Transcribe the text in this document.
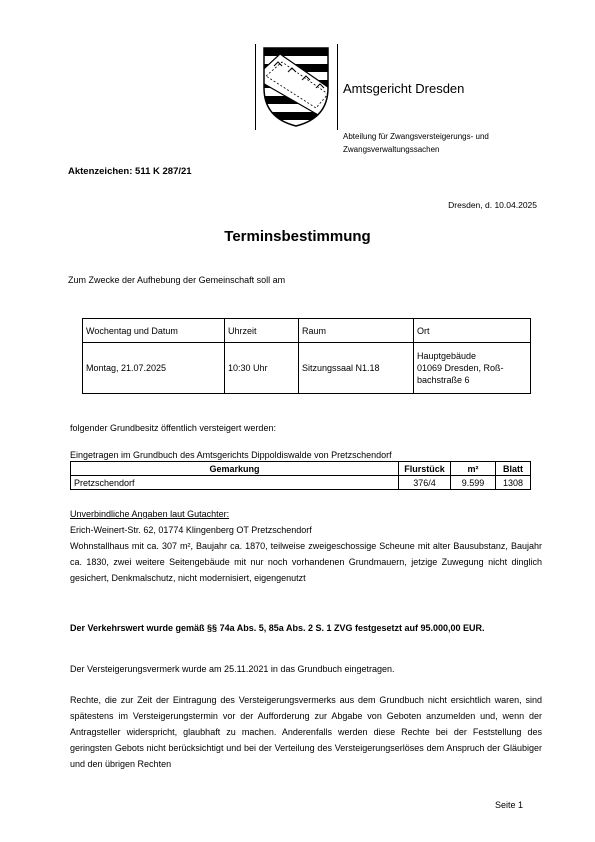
Amtsgericht Dresden
Abteilung für Zwangsversteigerungs- und
Zwangsverwaltungssachen
Aktenzeichen: 511 K 287/21
Dresden, d. 10.04.2025
Terminsbestimmung
Zum Zwecke der Aufhebung der Gemeinschaft soll am
Wochentag und Datum	Uhrzeit	Raum	Ort
Montag, 21.07.2025	10:30 Uhr	Sitzungssaal N1.18	Hauptgebäude
01069 Dresden, Roß-
bachstraße 6
folgender Grundbesitz öffentlich versteigert werden:
Eingetragen im Grundbuch des Amtsgerichts Dippoldiswalde von Pretzschendorf
Gemarkung	Flurstück	m²	Blatt
Pretzschendorf	376/4	9.599	1308
Unverbindliche Angaben laut Gutachter:
Erich-Weinert-Str. 62, 01774 Klingenberg OT Pretzschendorf
Wohnstallhaus mit ca. 307 m², Baujahr ca. 1870, teilweise zweigeschossige Scheune mit alter Bausubstanz, Baujahr ca. 1830, zwei weitere Seitengebäude mit nur noch vorhandenen Grundmauern, jetzige Zuwegung nicht dinglich gesichert, Denkmalschutz, nicht modernisiert, eigengenutzt
Der Verkehrswert wurde gemäß §§ 74a Abs. 5, 85a Abs. 2 S. 1 ZVG festgesetzt auf 95.000,00 EUR.
Der Versteigerungsvermerk wurde am 25.11.2021 in das Grundbuch eingetragen.
Rechte, die zur Zeit der Eintragung des Versteigerungsvermerks aus dem Grundbuch nicht ersichtlich waren, sind spätestens im Versteigerungstermin vor der Aufforderung zur Abgabe von Geboten anzumelden und, wenn der Antragsteller widerspricht, glaubhaft zu machen. Anderenfalls werden diese Rechte bei der Feststellung des geringsten Gebots nicht berücksichtigt und bei der Verteilung des Versteigerungserlöses dem Anspruch der Gläubiger und den übrigen Rechten
Seite 1
